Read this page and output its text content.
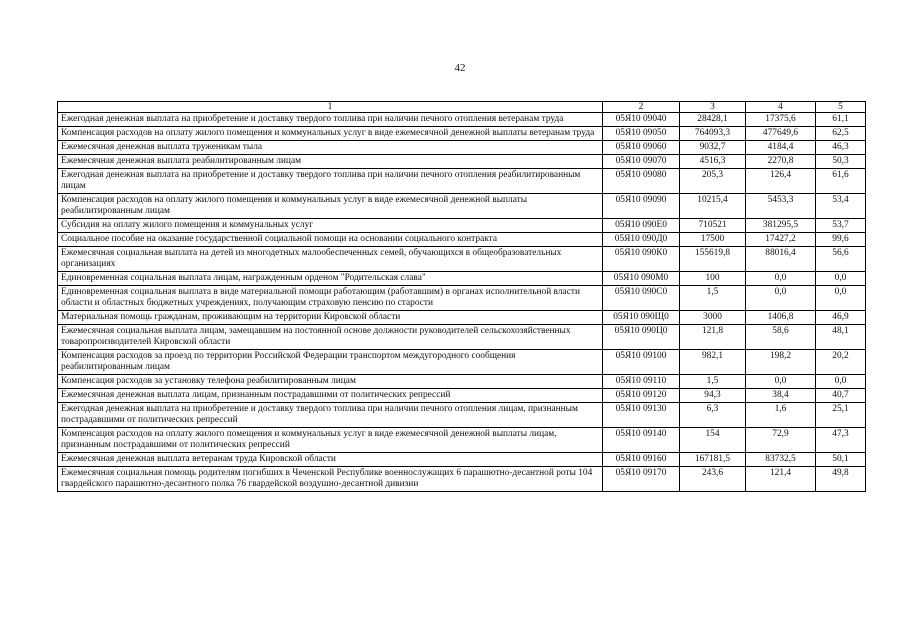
42
1	2	3	4	5
Ежегодная денежная выплата на приобретение и доставку твердого топлива при наличии печного отопления ветеранам труда	05Я10 09040	28428,1	17375,6	61,1
Компенсация расходов на оплату жилого помещения и коммунальных услуг в виде ежемесячной денежной выплаты ветеранам труда	05Я10 09050	764093,3	477649,6	62,5
Ежемесячная денежная выплата труженикам тыла	05Я10 09060	9032,7	4184,4	46,3
Ежемесячная денежная выплата реабилитированным лицам	05Я10 09070	4516,3	2270,8	50,3
Ежегодная денежная выплата на приобретение и доставку твердого топлива при наличии печного отопления реабилитированным лицам	05Я10 09080	205,3	126,4	61,6
Компенсация расходов на оплату жилого помещения и коммунальных услуг в виде ежемесячной денежной выплаты реабилитированным лицам	05Я10 09090	10215,4	5453,3	53,4
Субсидия на оплату жилого помещения и коммунальных услуг	05Я10 090Е0	710521	381295,5	53,7
Социальное пособие на оказание государственной социальной помощи на основании социального контракта	05Я10 090Д0	17500	17427,2	99,6
Ежемесячная социальная выплата на детей из многодетных малообеспеченных семей, обучающихся в общеобразовательных организациях	05Я10 090К0	155619,8	88016,4	56,6
Единовременная социальная выплата лицам, награжденным орденом "Родительская слава"	05Я10 090М0	100	0,0	0,0
Единовременная социальная выплата в виде материальной помощи работающим (работавшим) в органах исполнительной власти области и областных бюджетных учреждениях, получающим страховую пенсию по старости	05Я10 090С0	1,5	0,0	0,0
Материальная помощь гражданам, проживающим на территории Кировской области	05Я10 090Щ0	3000	1406,8	46,9
Ежемесячная социальная выплата лицам, замещавшим на постоянной основе должности руководителей сельскохозяйственных товаропроизводителей Кировской области	05Я10 090Ц0	121,8	58,6	48,1
Компенсация расходов за проезд по территории Российской Федерации транспортом междугородного сообщения реабилитированным лицам	05Я10 09100	982,1	198,2	20,2
Компенсация расходов за установку телефона реабилитированным лицам	05Я10 09110	1,5	0,0	0,0
Ежемесячная денежная выплата лицам, признанным пострадавшими от политических репрессий	05Я10 09120	94,3	38,4	40,7
Ежегодная денежная выплата на приобретение и доставку твердого топлива при наличии печного отопления лицам, признанным пострадавшими от политических репрессий	05Я10 09130	6,3	1,6	25,1
Компенсация расходов на оплату жилого помещения и коммунальных услуг в виде ежемесячной денежной выплаты лицам, признанным пострадавшими от политических репрессий	05Я10 09140	154	72,9	47,3
Ежемесячная денежная выплата ветеранам труда Кировской области	05Я10 09160	167181,5	83732,5	50,1
Ежемесячная социальная помощь родителям погибших в Чеченской Республике военнослужащих 6 парашютно-десантной роты 104 гвардейского парашютно-десантного полка 76 гвардейской воздушно-десантной дивизии	05Я10 09170	243,6	121,4	49,8
